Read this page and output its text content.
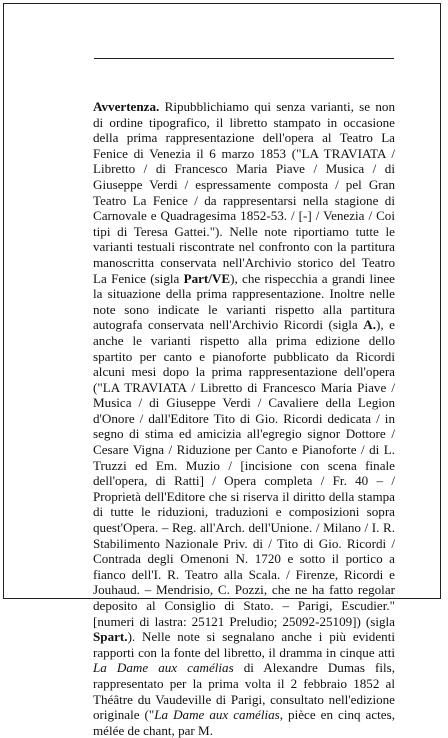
Avvertenza. Ripubblichiamo qui senza varianti, se non di ordine tipografico, il libretto stampato in occasione della prima rappresentazione dell'opera al Teatro La Fenice di Venezia il 6 marzo 1853 ("LA TRAVIATA / Libretto / di Francesco Maria Piave / Musica / di Giuseppe Verdi / espressamente composta / pel Gran Teatro La Fenice / da rappresentarsi nella stagione di Carnovale e Quadragesima 1852-53. / [-] / Venezia / Coi tipi di Teresa Gattei."). Nelle note riportiamo tutte le varianti testuali riscontrate nel confronto con la partitura manoscritta conservata nell'Archivio storico del Teatro La Fenice (sigla Part/VE), che rispecchia a grandi linee la situazione della prima rappresentazione. Inoltre nelle note sono indicate le varianti rispetto alla partitura autografa conservata nell'Archivio Ricordi (sigla A.), e anche le varianti rispetto alla prima edizione dello spartito per canto e pianoforte pubblicato da Ricordi alcuni mesi dopo la prima rappresentazione dell'opera ("LA TRAVIATA / Libretto di Francesco Maria Piave / Musica / di Giuseppe Verdi / Cavaliere della Legion d'Onore / dall'Editore Tito di Gio. Ricordi dedicata / in segno di stima ed amicizia all'egregio signor Dottore / Cesare Vigna / Riduzione per Canto e Pianoforte / di L. Truzzi ed Em. Muzio / [incisione con scena finale dell'opera, di Ratti] / Opera completa / Fr. 40 – / Proprietà dell'Editore che si riserva il diritto della stampa di tutte le riduzioni, traduzioni e composizioni sopra quest'Opera. – Reg. all'Arch. dell'Unione. / Milano / I. R. Stabilimento Nazionale Priv. di / Tito di Gio. Ricordi / Contrada degli Omenoni N. 1720 e sotto il portico a fianco dell'I. R. Teatro alla Scala. / Firenze, Ricordi e Jouhaud. – Mendrisio, C. Pozzi, che ne ha fatto regolar deposito al Consiglio di Stato. – Parigi, Escudier." [numeri di lastra: 25121 Preludio; 25092-25109]) (sigla Spart.). Nelle note si segnalano anche i più evidenti rapporti con la fonte del libretto, il dramma in cinque atti La Dame aux camélias di Alexandre Dumas fils, rappresentato per la prima volta il 2 febbraio 1852 al Théâtre du Vaudeville di Parigi, consultato nell'edizione originale ("La Dame aux camélias, pièce en cinq actes, mélée de chant, par M.
